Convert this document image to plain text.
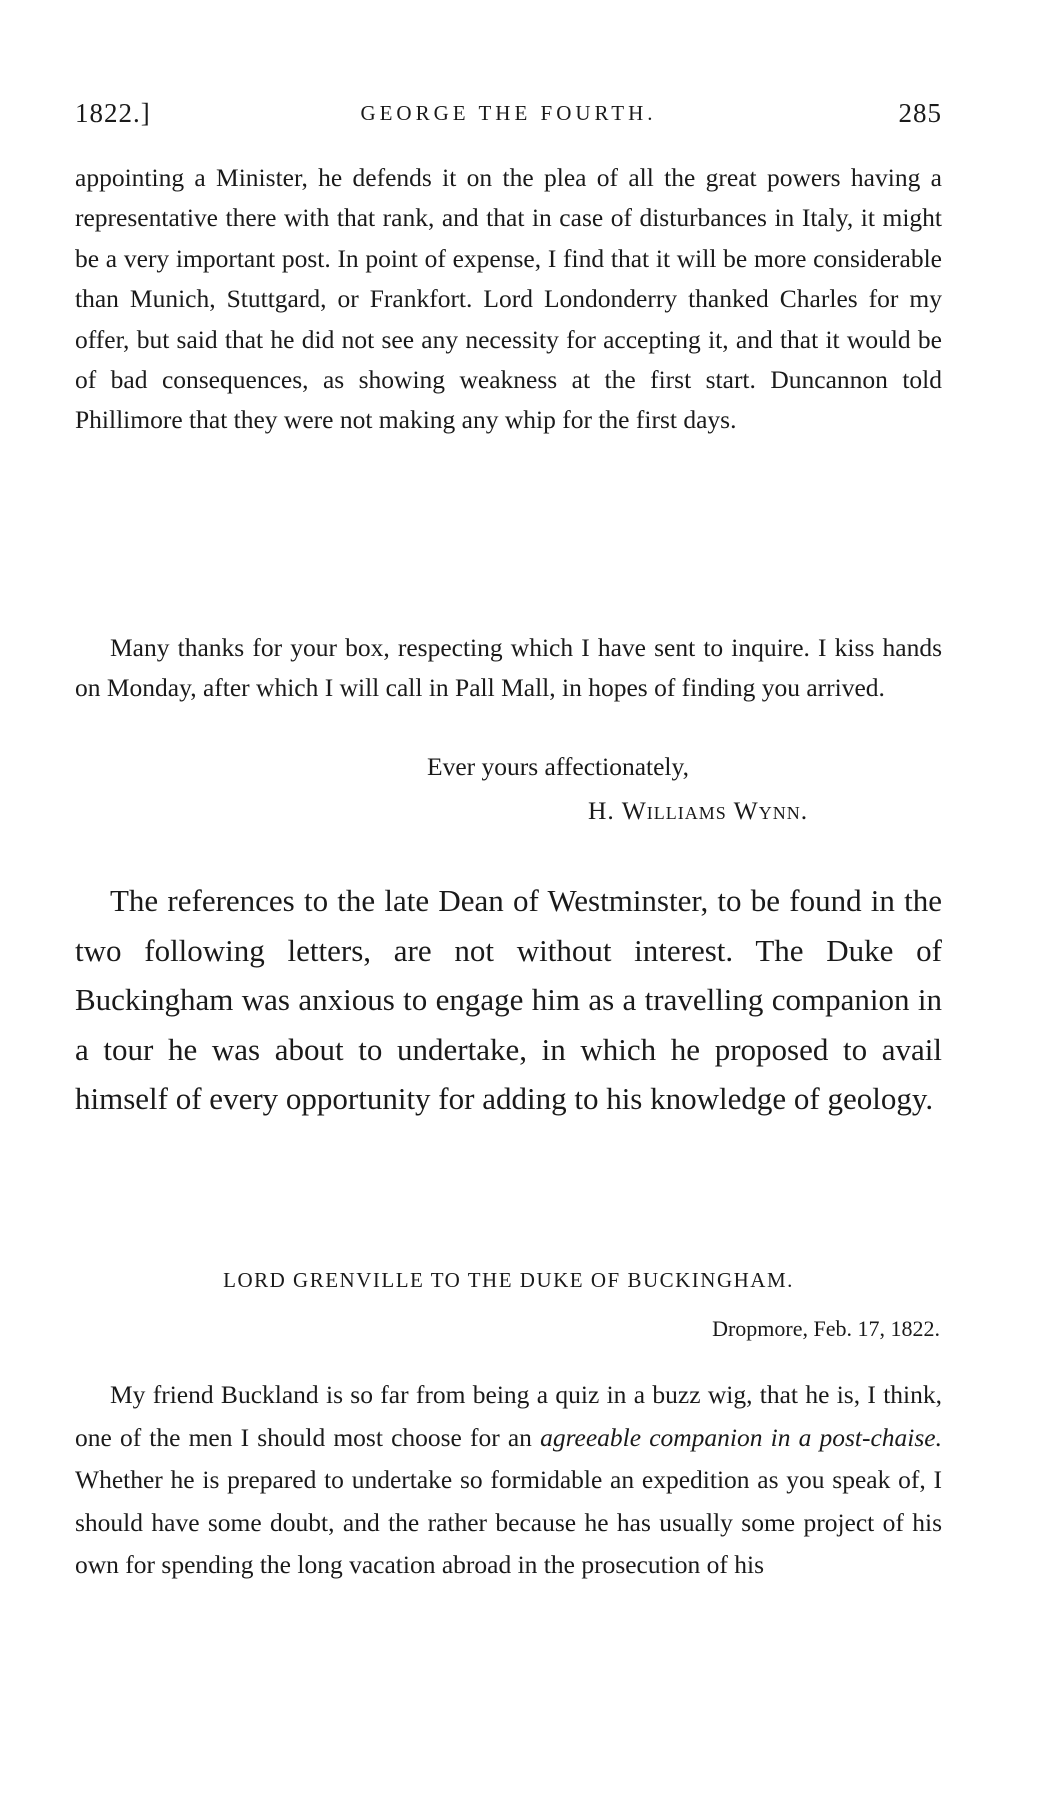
1822.]	GEORGE THE FOURTH.	285

appointing a Minister, he defends it on the plea of all the great powers having a representative there with that rank, and that in case of disturbances in Italy, it might be a very important post. In point of expense, I find that it will be more considerable than Munich, Stuttgard, or Frankfort. Lord Londonderry thanked Charles for my offer, but said that he did not see any necessity for accepting it, and that it would be of bad consequences, as showing weakness at the first start. Duncannon told Phillimore that they were not making any whip for the first days.

Many thanks for your box, respecting which I have sent to inquire. I kiss hands on Monday, after which I will call in Pall Mall, in hopes of finding you arrived.

Ever yours affectionately,
H. Williams Wynn.

The references to the late Dean of Westminster, to be found in the two following letters, are not without interest. The Duke of Buckingham was anxious to engage him as a travelling companion in a tour he was about to undertake, in which he proposed to avail himself of every opportunity for adding to his knowledge of geology.

LORD GRENVILLE TO THE DUKE OF BUCKINGHAM.
Dropmore, Feb. 17, 1822.

My friend Buckland is so far from being a quiz in a buzz wig, that he is, I think, one of the men I should most choose for an agreeable companion in a post-chaise. Whether he is prepared to undertake so formidable an expedition as you speak of, I should have some doubt, and the rather because he has usually some project of his own for spending the long vacation abroad in the prosecution of his
